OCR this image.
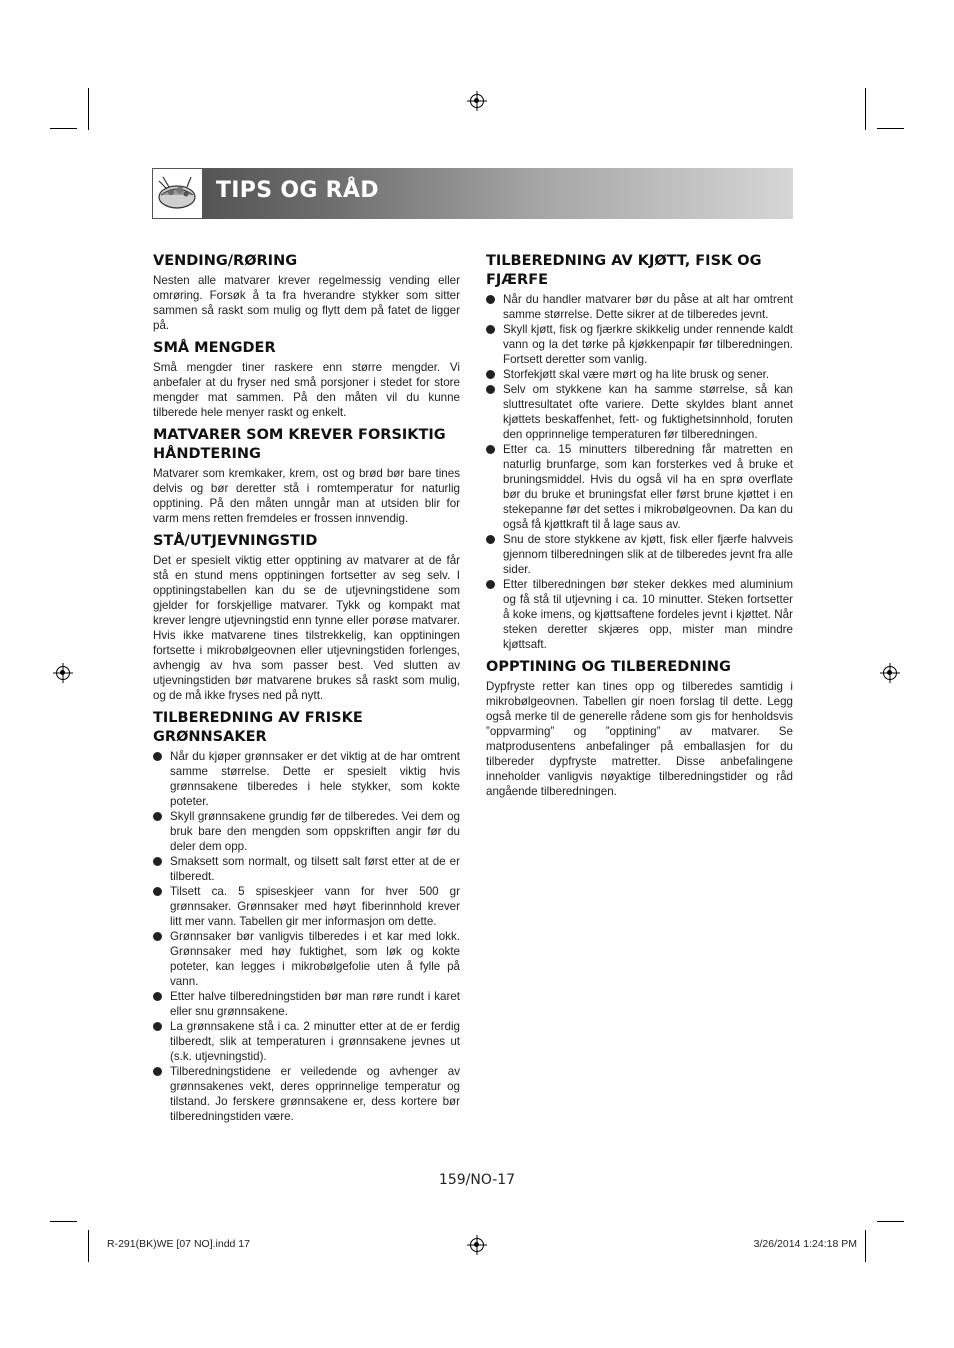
TIPS OG RÅD
VENDING/RØRING

Nesten alle matvarer krever regelmessig vending eller omrøring. Forsøk å ta fra hverandre stykker som sitter sammen så raskt som mulig og flytt dem på fatet de ligger på.

SMÅ MENGDER

Små mengder tiner raskere enn større mengder. Vi anbefaler at du fryser ned små porsjoner i stedet for store mengder mat sammen. På den måten vil du kunne tilberede hele menyer raskt og enkelt.

MATVARER SOM KREVER FORSIKTIG HÅNDTERING

Matvarer som kremkaker, krem, ost og brød bør bare tines delvis og bør deretter stå i romtemperatur for naturlig opptining. På den måten unngår man at utsiden blir for varm mens retten fremdeles er frossen innvendig.

STÅ/UTJEVNINGSTID

Det er spesielt viktig etter opptining av matvarer at de får stå en stund mens opptiningen fortsetter av seg selv. I opptiningstabellen kan du se de utjevningstidene som gjelder for forskjellige matvarer. Tykk og kompakt mat krever lengre utjevningstid enn tynne eller porøse matvarer. Hvis ikke matvarene tines tilstrekkelig, kan opptiningen fortsette i mikrobølgeovnen eller utjevningstiden forlenges, avhengig av hva som passer best. Ved slutten av utjevningstiden bør matvarene brukes så raskt som mulig, og de må ikke fryses ned på nytt.

TILBEREDNING AV FRISKE GRØNNSAKER
Når du kjøper grønnsaker er det viktig at de har omtrent samme størrelse. Dette er spesielt viktig hvis grønnsakene tilberedes i hele stykker, som kokte poteter.
Skyll grønnsakene grundig før de tilberedes. Vei dem og bruk bare den mengden som oppskriften angir før du deler dem opp.
Smaksett som normalt, og tilsett salt først etter at de er tilberedt.
Tilsett ca. 5 spiseskjeer vann for hver 500 gr grønnsaker. Grønnsaker med høyt fiberinnhold krever litt mer vann. Tabellen gir mer informasjon om dette.
Grønnsaker bør vanligvis tilberedes i et kar med lokk. Grønnsaker med høy fuktighet, som løk og kokte poteter, kan legges i mikrobølgefolie uten å fylle på vann.
Etter halve tilberedningstiden bør man røre rundt i karet eller snu grønnsakene.
La grønnsakene stå i ca. 2 minutter etter at de er ferdig tilberedt, slik at temperaturen i grønnsakene jevnes ut (s.k. utjevningstid).
Tilberedningstidene er veiledende og avhenger av grønnsakenes vekt, deres opprinnelige temperatur og tilstand. Jo ferskere grønnsakene er, dess kortere bør tilberedningstiden være.
TILBEREDNING AV KJØTT, FISK OG FJÆRFE
Når du handler matvarer bør du påse at alt har omtrent samme størrelse. Dette sikrer at de tilberedes jevnt.
Skyll kjøtt, fisk og fjærkre skikkelig under rennende kaldt vann og la det tørke på kjøkkenpapir før tilberedningen. Fortsett deretter som vanlig.
Storfekjøtt skal være mørt og ha lite brusk og sener.
Selv om stykkene kan ha samme størrelse, så kan sluttresultatet ofte variere. Dette skyldes blant annet kjøttets beskaffenhet, fett- og fuktighetsinnhold, foruten den opprinnelige temperaturen før tilberedningen.
Etter ca. 15 minutters tilberedning får matretten en naturlig brunfarge, som kan forsterkes ved å bruke et bruningsmiddel. Hvis du også vil ha en sprø overflate bør du bruke et bruningsfat eller først brune kjøttet i en stekepanne før det settes i mikrobølgeovnen. Da kan du også få kjøttkraft til å lage saus av.
Snu de store stykkene av kjøtt, fisk eller fjærfe halvveis gjennom tilberedningen slik at de tilberedes jevnt fra alle sider.
Etter tilberedningen bør steker dekkes med aluminium og få stå til utjevning i ca. 10 minutter. Steken fortsetter å koke imens, og kjøttsaftene fordeles jevnt i kjøttet. Når steken deretter skjæres opp, mister man mindre kjøttsaft.
OPPTINING OG TILBEREDNING

Dypfryste retter kan tines opp og tilberedes samtidig i mikrobølgeovnen. Tabellen gir noen forslag til dette. Legg også merke til de generelle rådene som gis for henholdsvis ”oppvarming” og ”opptining” av matvarer. Se matprodusentens anbefalinger på emballasjen for du tilbereder dypfryste matretter. Disse anbefalingene inneholder vanligvis nøyaktige tilberedningstider og råd angående tilberedningen.

159/NO-17
R-291(BK)WE [07 NO].indd 17	3/26/2014 1:24:18 PM
